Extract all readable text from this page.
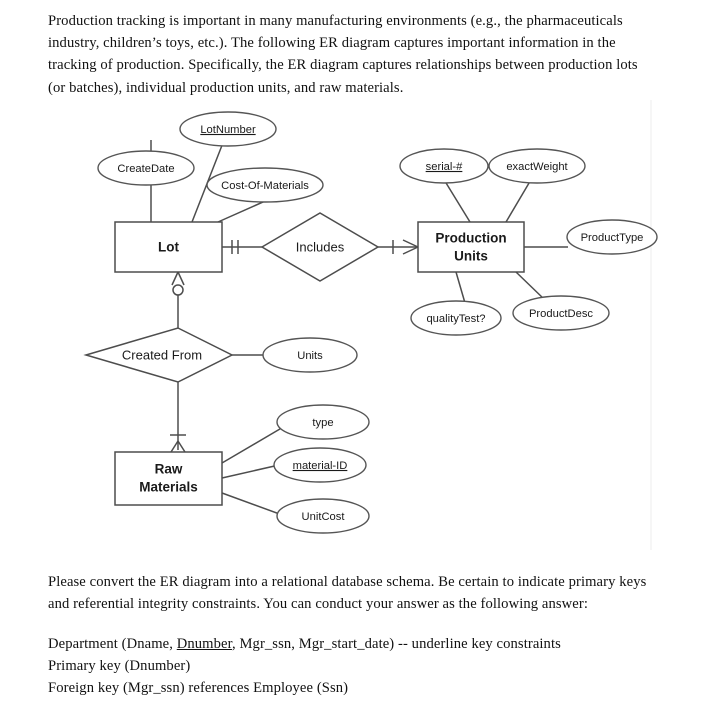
Production tracking is important in many manufacturing environments (e.g., the pharmaceuticals industry, children’s toys, etc.). The following ER diagram captures important information in the tracking of production. Specifically, the ER diagram captures relationships between production lots (or batches), individual production units, and raw materials.
Lot
Production
Units
Raw
Materials
Includes
Created From
LotNumber
CreateDate
Cost-Of-Materials
serial-#	exactWeight
ProductType
qualityTest?	ProductDesc
Units
type
material-ID
UnitCost
Please convert the ER diagram into a relational database schema. Be certain to indicate primary keys and referential integrity constraints. You can conduct your answer as the following answer:
Department (Dname, Dnumber, Mgr_ssn, Mgr_start_date) -- underline key constraints
Primary key (Dnumber)
Foreign key (Mgr_ssn) references Employee (Ssn)
